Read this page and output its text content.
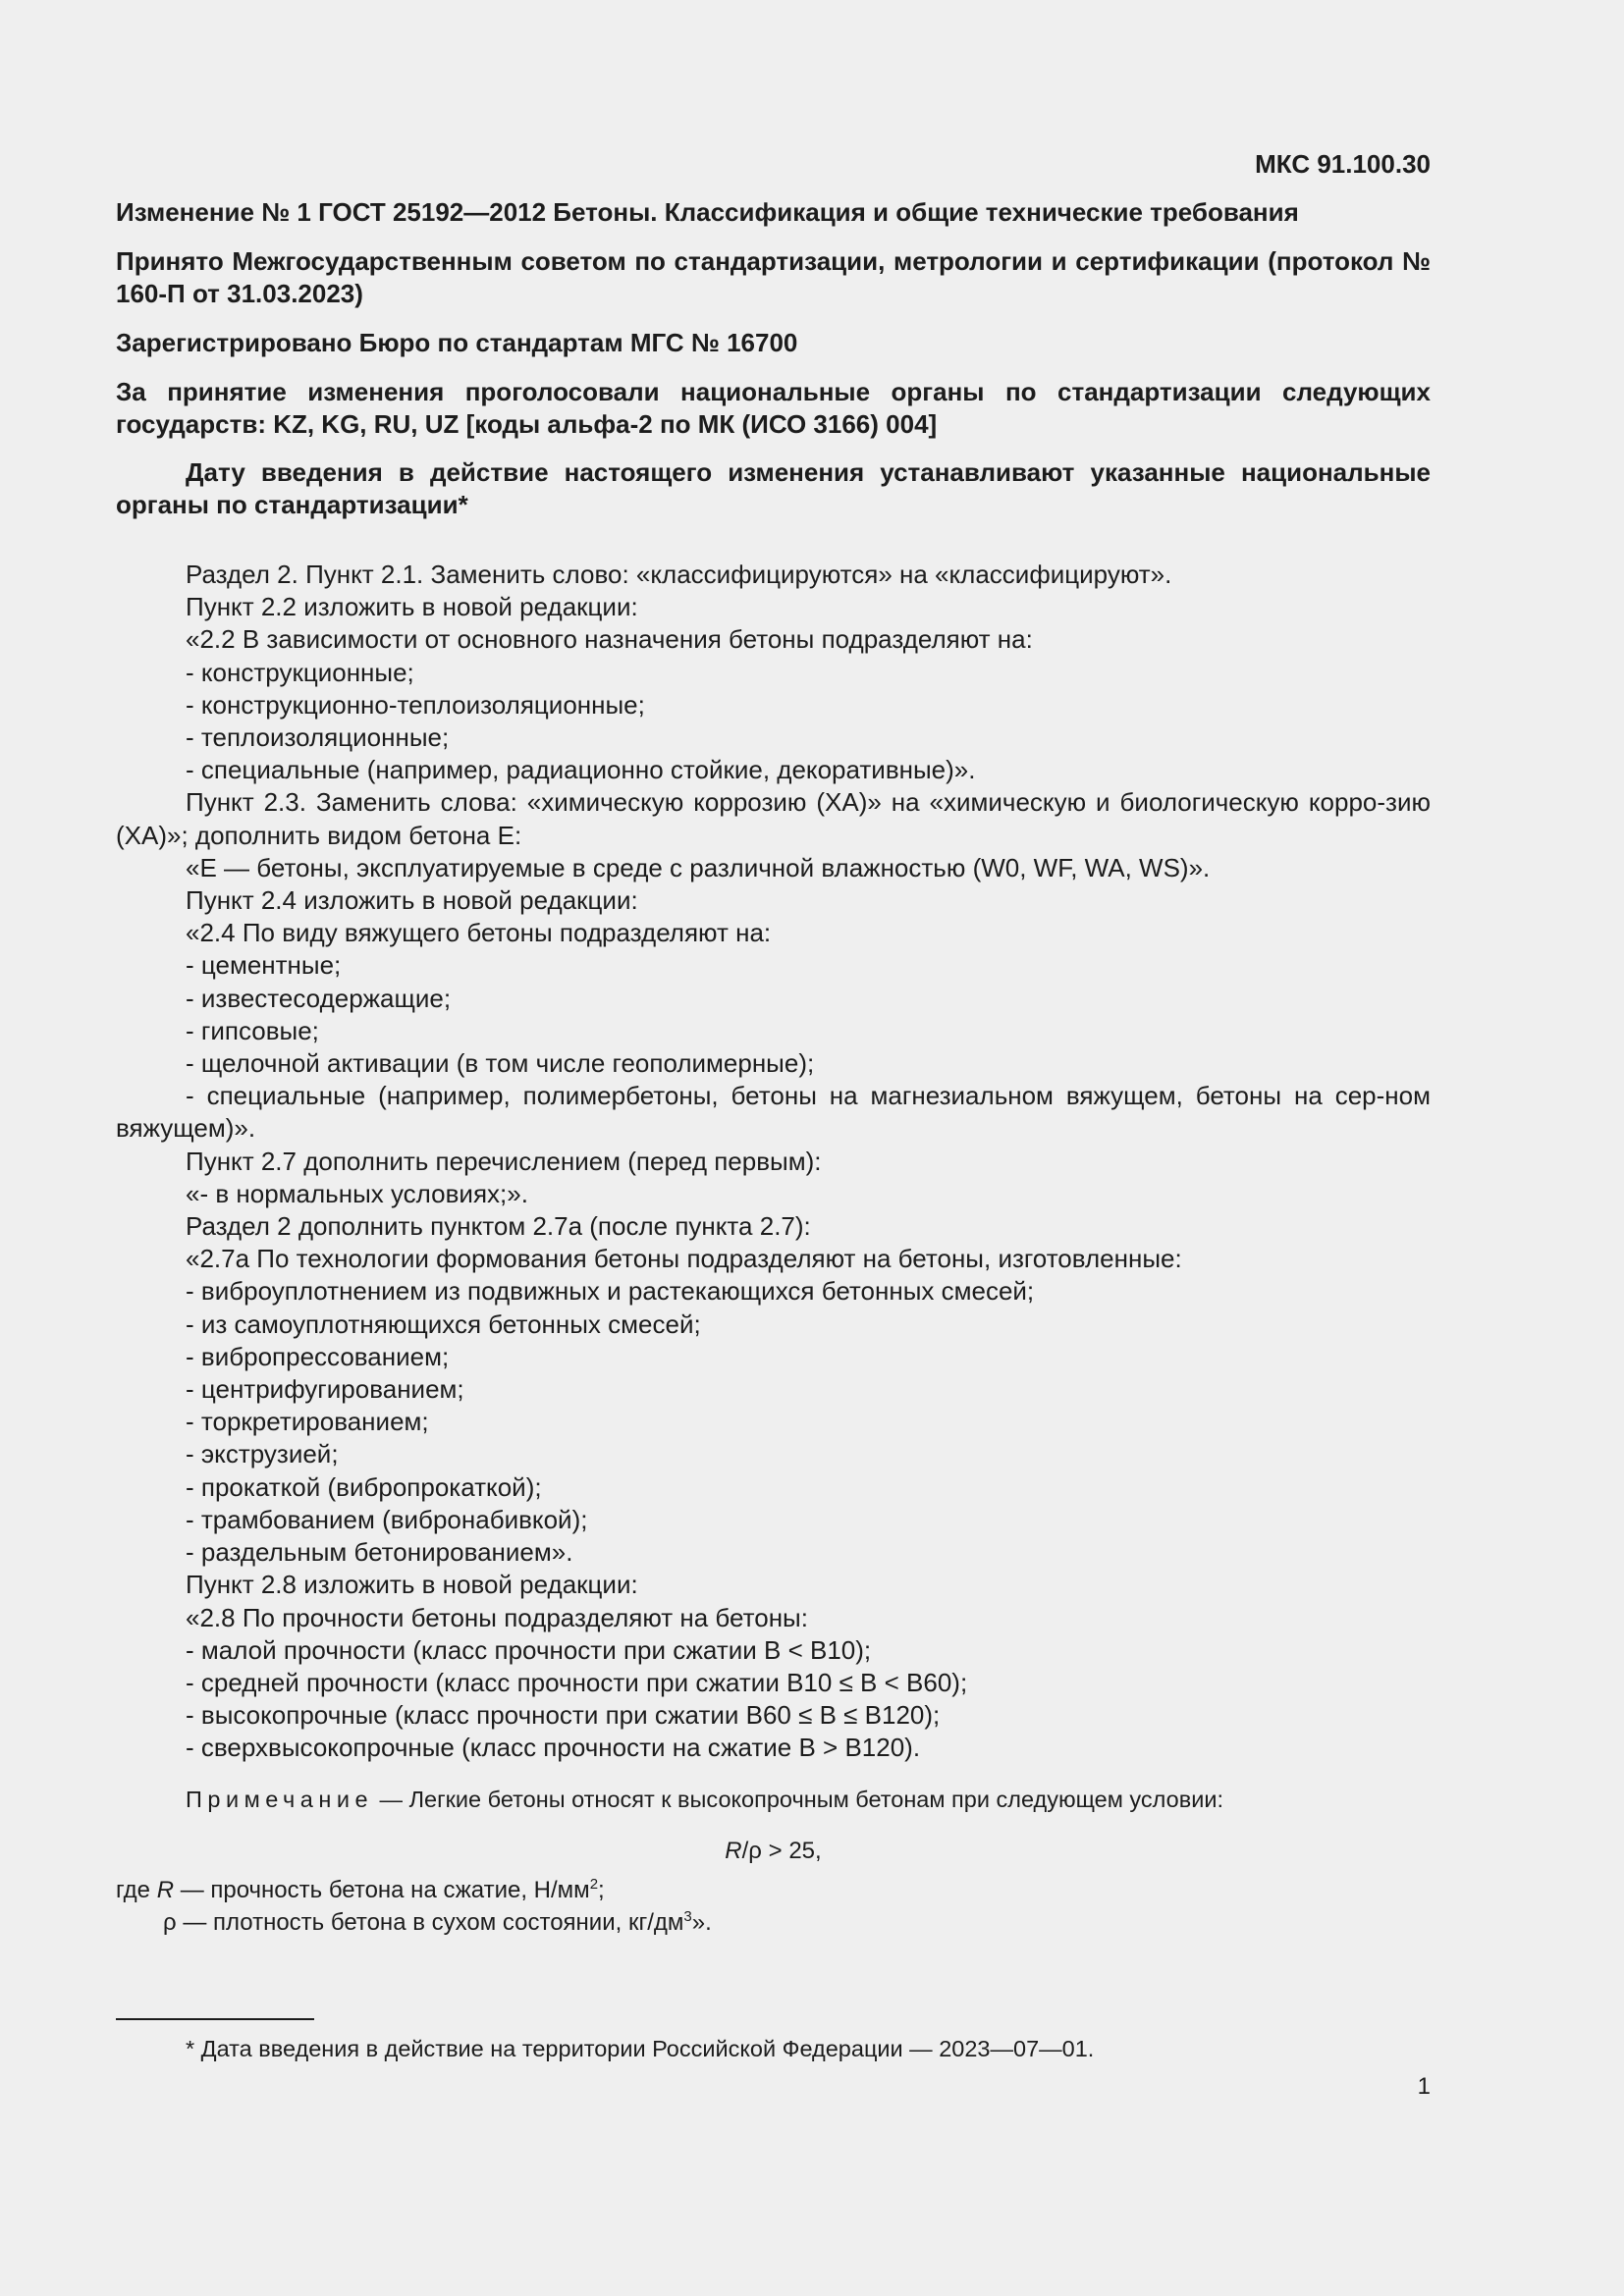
МКС 91.100.30
Изменение № 1 ГОСТ 25192—2012 Бетоны. Классификация и общие технические требования
Принято Межгосударственным советом по стандартизации, метрологии и сертификации (протокол № 160-П от 31.03.2023)
Зарегистрировано Бюро по стандартам МГС № 16700
За принятие изменения проголосовали национальные органы по стандартизации следующих государств: KZ, KG, RU, UZ [коды альфа-2 по МК (ИСО 3166) 004]
Дату введения в действие настоящего изменения устанавливают указанные национальные органы по стандартизации*
Раздел 2. Пункт 2.1. Заменить слово: «классифицируются» на «классифицируют».
Пункт 2.2 изложить в новой редакции:
«2.2 В зависимости от основного назначения бетоны подразделяют на:
- конструкционные;
- конструкционно-теплоизоляционные;
- теплоизоляционные;
- специальные (например, радиационно стойкие, декоративные)».
Пункт 2.3. Заменить слова: «химическую коррозию (ХА)» на «химическую и биологическую корро-зию (ХА)»; дополнить видом бетона Е:
«Е — бетоны, эксплуатируемые в среде с различной влажностью (W0, WF, WA, WS)».
Пункт 2.4 изложить в новой редакции:
«2.4 По виду вяжущего бетоны подразделяют на:
- цементные;
- известесодержащие;
- гипсовые;
- щелочной активации (в том числе геополимерные);
- специальные (например, полимербетоны, бетоны на магнезиальном вяжущем, бетоны на сер-ном вяжущем)».
Пункт 2.7 дополнить перечислением (перед первым):
«- в нормальных условиях;».
Раздел 2 дополнить пунктом 2.7а (после пункта 2.7):
«2.7а По технологии формования бетоны подразделяют на бетоны, изготовленные:
- виброуплотнением из подвижных и растекающихся бетонных смесей;
- из самоуплотняющихся бетонных смесей;
- вибропрессованием;
- центрифугированием;
- торкретированием;
- экструзией;
- прокаткой (вибропрокаткой);
- трамбованием (вибронабивкой);
- раздельным бетонированием».
Пункт 2.8 изложить в новой редакции:
«2.8 По прочности бетоны подразделяют на бетоны:
- малой прочности (класс прочности при сжатии В < В10);
- средней прочности (класс прочности при сжатии В10 ≤ В < В60);
- высокопрочные (класс прочности при сжатии В60 ≤ В ≤ В120);
- сверхвысокопрочные (класс прочности на сжатие В > В120).
Примечание — Легкие бетоны относят к высокопрочным бетонам при следующем условии:
R/ρ > 25,
где R — прочность бетона на сжатие, $Н/мм^2$;
ρ — плотность бетона в сухом состоянии, $кг/дм^3$».
* Дата введения в действие на территории Российской Федерации — 2023—07—01.
1
